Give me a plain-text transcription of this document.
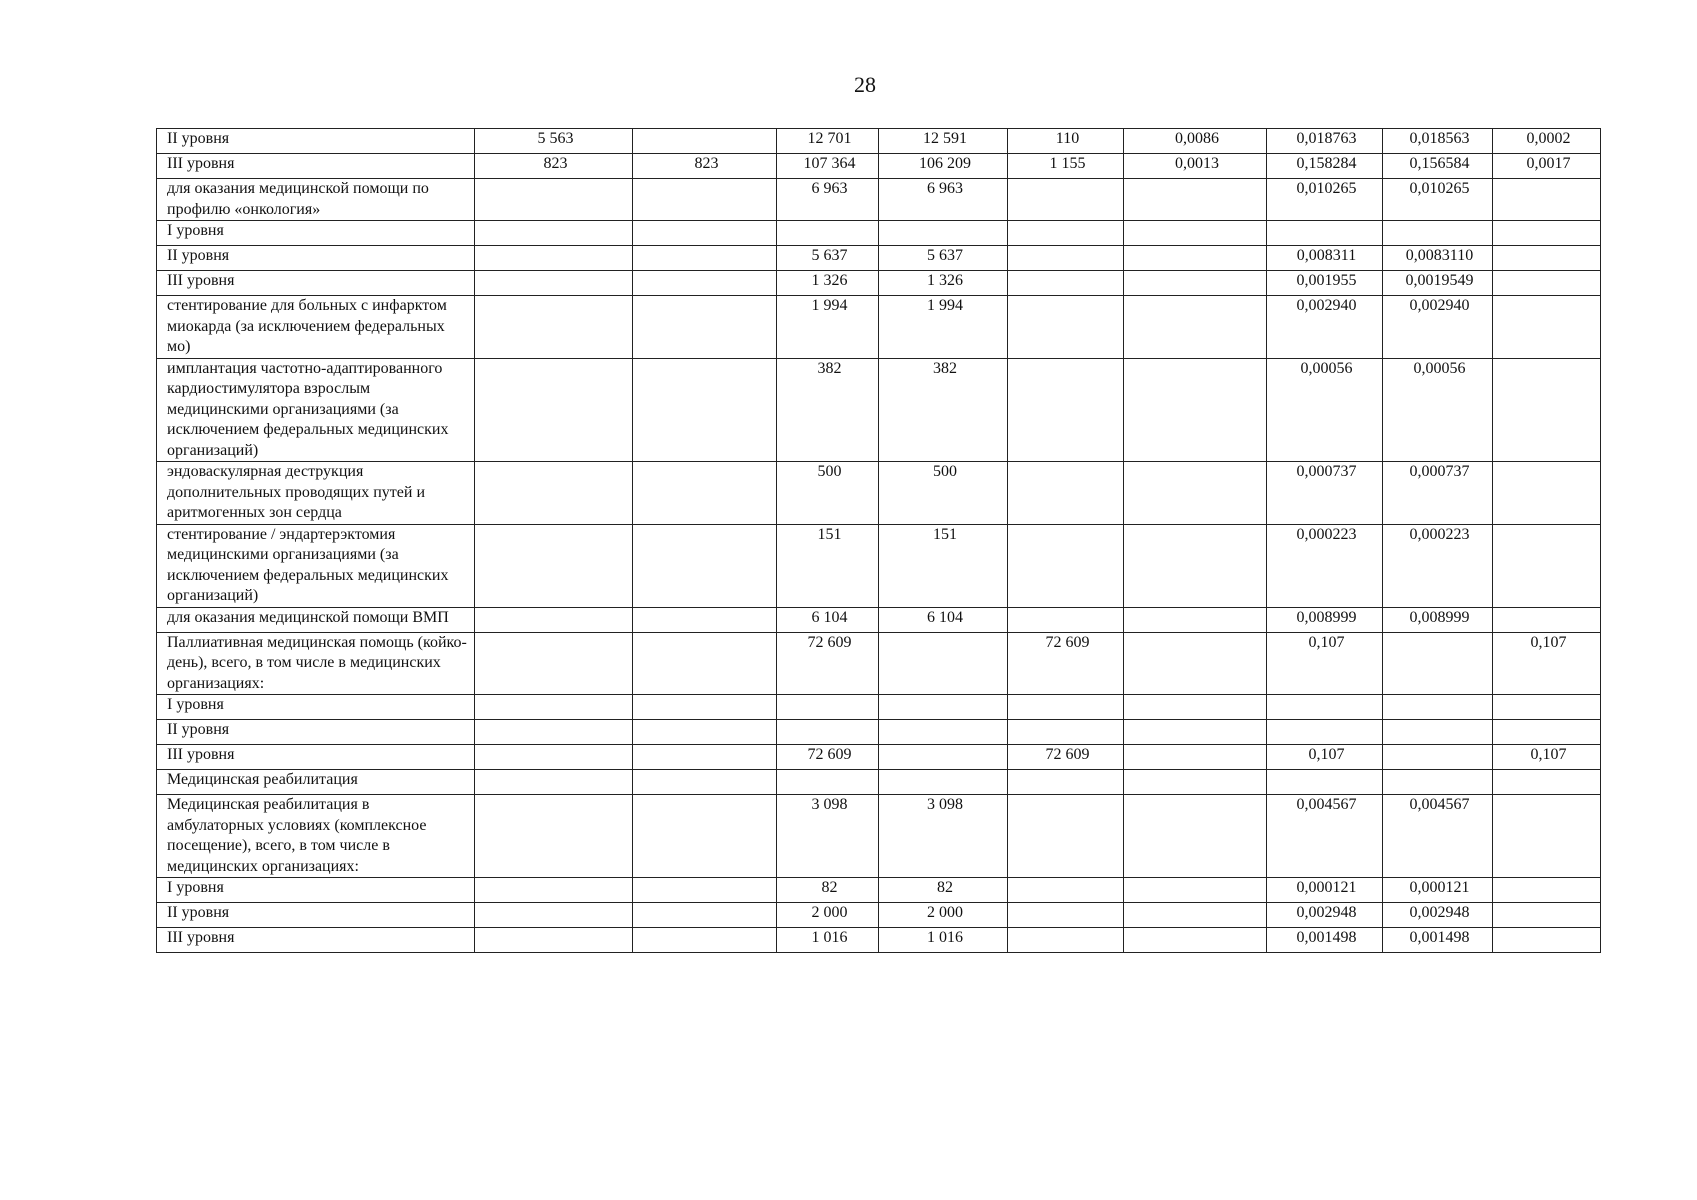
28
II уровня	5 563		12 701	12 591	110	0,0086	0,018763	0,018563	0,0002
III уровня	823	823	107 364	106 209	1 155	0,0013	0,158284	0,156584	0,0017
для оказания медицинской помощи по профилю «онкология»			6 963	6 963			0,010265	0,010265	
I уровня									
II уровня			5 637	5 637			0,008311	0,0083110	
III уровня			1 326	1 326			0,001955	0,0019549	
стентирование для больных с инфарктом миокарда (за исключением федеральных мо)			1 994	1 994			0,002940	0,002940	
имплантация частотно-адаптированного кардиостимулятора взрослым медицинскими организациями (за исключением федеральных медицинских организаций)			382	382			0,00056	0,00056	
эндоваскулярная деструкция дополнительных проводящих путей и аритмогенных зон сердца			500	500			0,000737	0,000737	
стентирование / эндартерэктомия медицинскими организациями (за исключением федеральных медицинских организаций)			151	151			0,000223	0,000223	
для оказания медицинской помощи ВМП			6 104	6 104			0,008999	0,008999	
Паллиативная медицинская помощь (койко-день), всего, в том числе в медицинских организациях:			72 609		72 609		0,107		0,107
I уровня									
II уровня									
III уровня			72 609		72 609		0,107		0,107
Медицинская реабилитация									
Медицинская реабилитация в амбулаторных условиях (комплексное посещение), всего, в том числе в медицинских организациях:			3 098	3 098			0,004567	0,004567	
I уровня			82	82			0,000121	0,000121	
II уровня			2 000	2 000			0,002948	0,002948	
III уровня			1 016	1 016			0,001498	0,001498	
